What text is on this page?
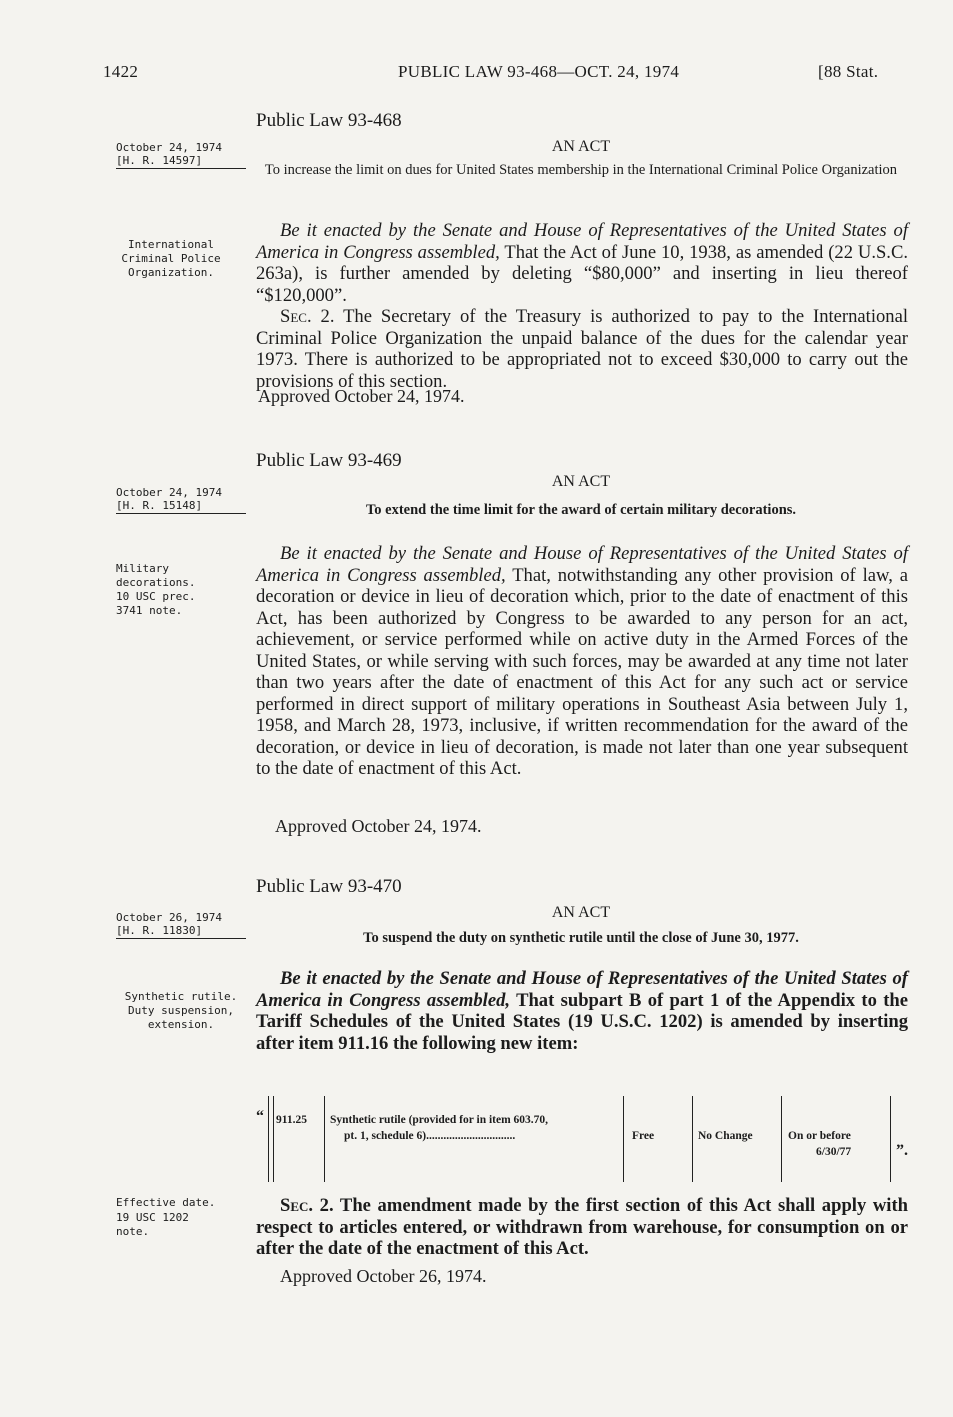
1422	PUBLIC LAW 93-468—OCT. 24, 1974	[88 Stat.
Public Law 93-468
October 24, 1974
[H. R. 14597]
AN ACT
To increase the limit on dues for United States membership in the International Criminal Police Organization
International Criminal Police Organization.

Be it enacted by the Senate and House of Representatives of the United States of America in Congress assembled, That the Act of June 10, 1938, as amended (22 U.S.C. 263a), is further amended by deleting “$80,000” and inserting in lieu thereof “$120,000”.

Sec. 2. The Secretary of the Treasury is authorized to pay to the International Criminal Police Organization the unpaid balance of the dues for the calendar year 1973. There is authorized to be appropriated not to exceed $30,000 to carry out the provisions of this section.

Approved October 24, 1974.
Public Law 93-469
October 24, 1974
[H. R. 15148]
AN ACT
To extend the time limit for the award of certain military decorations.
Military decorations.
10 USC prec. 3741 note.

Be it enacted by the Senate and House of Representatives of the United States of America in Congress assembled, That, notwithstanding any other provision of law, a decoration or device in lieu of decoration which, prior to the date of enactment of this Act, has been authorized by Congress to be awarded to any person for an act, achievement, or service performed while on active duty in the Armed Forces of the United States, or while serving with such forces, may be awarded at any time not later than two years after the date of enactment of this Act for any such act or service performed in direct support of military operations in Southeast Asia between July 1, 1958, and March 28, 1973, inclusive, if written recommendation for the award of the decoration, or device in lieu of decoration, is made not later than one year subsequent to the date of enactment of this Act.

Approved October 24, 1974.
Public Law 93-470
October 26, 1974
[H. R. 11830]
AN ACT
To suspend the duty on synthetic rutile until the close of June 30, 1977.
Synthetic rutile. Duty suspension, extension.

Be it enacted by the Senate and House of Representatives of the United States of America in Congress assembled, That subpart B of part 1 of the Appendix to the Tariff Schedules of the United States (19 U.S.C. 1202) is amended by inserting after item 911.16 the following new item:

“ 911.25 Synthetic rutile (provided for in item 603.70,
pt. 1, schedule 6)...............................	Free	No Change	On or before
6/30/77	”.
Effective date.
19 USC 1202 note.

Sec. 2. The amendment made by the first section of this Act shall apply with respect to articles entered, or withdrawn from warehouse, for consumption on or after the date of the enactment of this Act.

Approved October 26, 1974.
